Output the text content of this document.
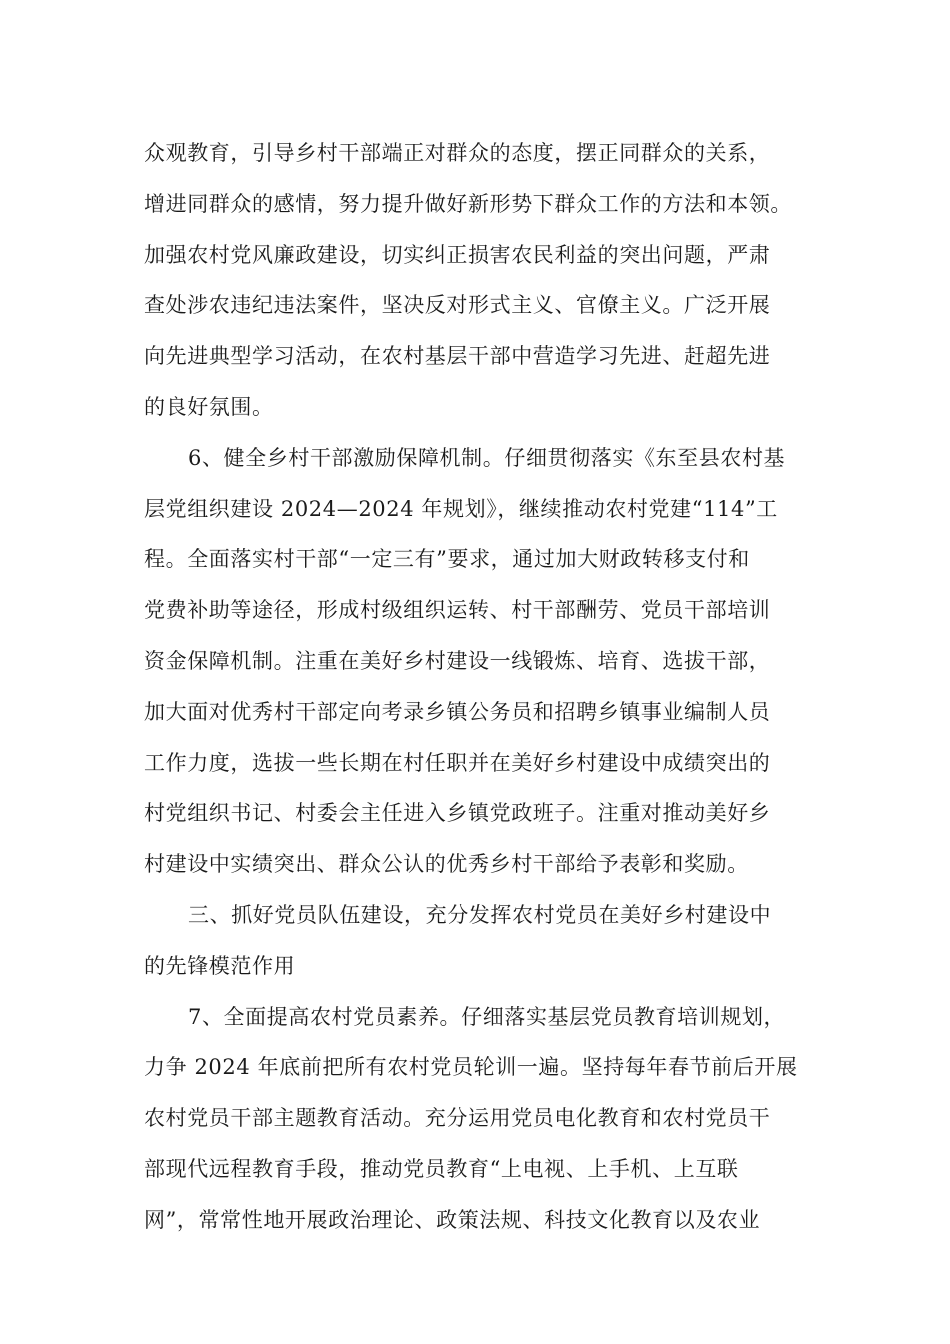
众观教育，引导乡村干部端正对群众的态度，摆正同群众的关系，
增进同群众的感情，努力提升做好新形势下群众工作的方法和本领。
加强农村党风廉政建设，切实纠正损害农民利益的突出问题，严肃
查处涉农违纪违法案件，坚决反对形式主义、官僚主义。广泛开展
向先进典型学习活动，在农村基层干部中营造学习先进、赶超先进
的良好氛围。
6、健全乡村干部激励保障机制。仔细贯彻落实《东至县农村基
层党组织建设 2024—2024 年规划》，继续推动农村党建“114”工
程。全面落实村干部“一定三有”要求，通过加大财政转移支付和
党费补助等途径，形成村级组织运转、村干部酬劳、党员干部培训
资金保障机制。注重在美好乡村建设一线锻炼、培育、选拔干部，
加大面对优秀村干部定向考录乡镇公务员和招聘乡镇事业编制人员
工作力度，选拔一些长期在村任职并在美好乡村建设中成绩突出的
村党组织书记、村委会主任进入乡镇党政班子。注重对推动美好乡
村建设中实绩突出、群众公认的优秀乡村干部给予表彰和奖励。
三、抓好党员队伍建设，充分发挥农村党员在美好乡村建设中
的先锋模范作用
7、全面提高农村党员素养。仔细落实基层党员教育培训规划，
力争 2024 年底前把所有农村党员轮训一遍。坚持每年春节前后开展
农村党员干部主题教育活动。充分运用党员电化教育和农村党员干
部现代远程教育手段，推动党员教育“上电视、上手机、上互联
网”，常常性地开展政治理论、政策法规、科技文化教育以及农业
